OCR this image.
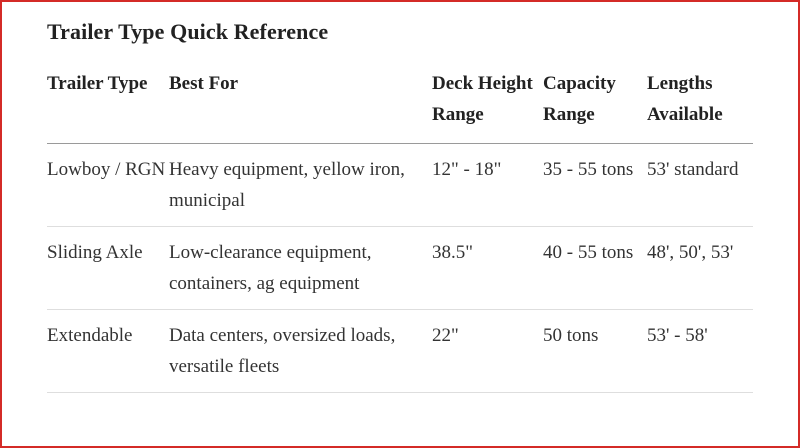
Trailer Type Quick Reference
Trailer Type	Best For	Deck Height Range	Capacity Range	Lengths Available
Lowboy / RGN	Heavy equipment, yellow iron, municipal	12" - 18"	35 - 55 tons	53' standard
Sliding Axle	Low-clearance equipment, containers, ag equipment	38.5"	40 - 55 tons	48', 50', 53'
Extendable	Data centers, oversized loads, versatile fleets	22"	50 tons	53' - 58'
